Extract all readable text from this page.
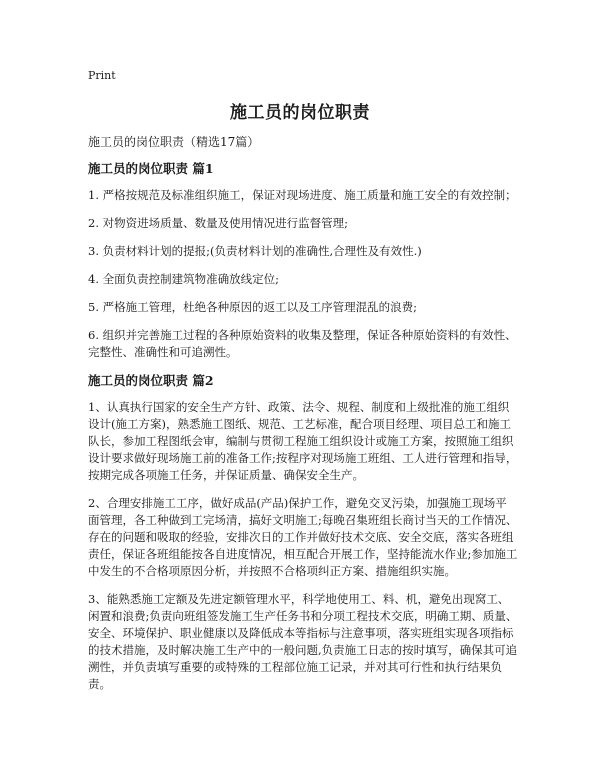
Print
施工员的岗位职责
施工员的岗位职责（精选17篇）
施工员的岗位职责 篇1
1. 严格按规范及标准组织施工，保证对现场进度、施工质量和施工安全的有效控制；
2. 对物资进场质量、数量及使用情况进行监督管理;
3. 负责材料计划的提报;(负责材料计划的准确性,合理性及有效性.)
4. 全面负责控制建筑物准确放线定位;
5. 严格施工管理，杜绝各种原因的返工以及工序管理混乱的浪费;
6. 组织并完善施工过程的各种原始资料的收集及整理，保证各种原始资料的有效性、完整性、准确性和可追溯性。
施工员的岗位职责 篇2
1、认真执行国家的安全生产方针、政策、法令、规程、制度和上级批准的施工组织设计(施工方案)，熟悉施工图纸、规范、工艺标准，配合项目经理、项目总工和施工队长，参加工程图纸会审，编制与贯彻工程施工组织设计或施工方案，按照施工组织设计要求做好现场施工前的准备工作;按程序对现场施工班组、工人进行管理和指导，按期完成各项施工任务，并保证质量、确保安全生产。
2、合理安排施工工序，做好成品(产品)保护工作，避免交叉污染，加强施工现场平面管理，各工种做到工完场清，搞好文明施工;每晚召集班组长商讨当天的工作情况、存在的问题和吸取的经验，安排次日的工作并做好技术交底、安全交底，落实各班组责任，保证各班组能按各自进度情况，相互配合开展工作，坚持能流水作业;参加施工中发生的不合格项原因分析，并按照不合格项纠正方案、措施组织实施。
3、能熟悉施工定额及先进定额管理水平，科学地使用工、料、机，避免出现窝工、闲置和浪费;负责向班组签发施工生产任务书和分项工程技术交底，明确工期、质量、安全、环境保护、职业健康以及降低成本等指标与注意事项，落实班组实现各项指标的技术措施，及时解决施工生产中的一般问题,负责施工日志的按时填写，确保其可追溯性，并负责填写重要的或特殊的工程部位施工记录，并对其可行性和执行结果负责。
